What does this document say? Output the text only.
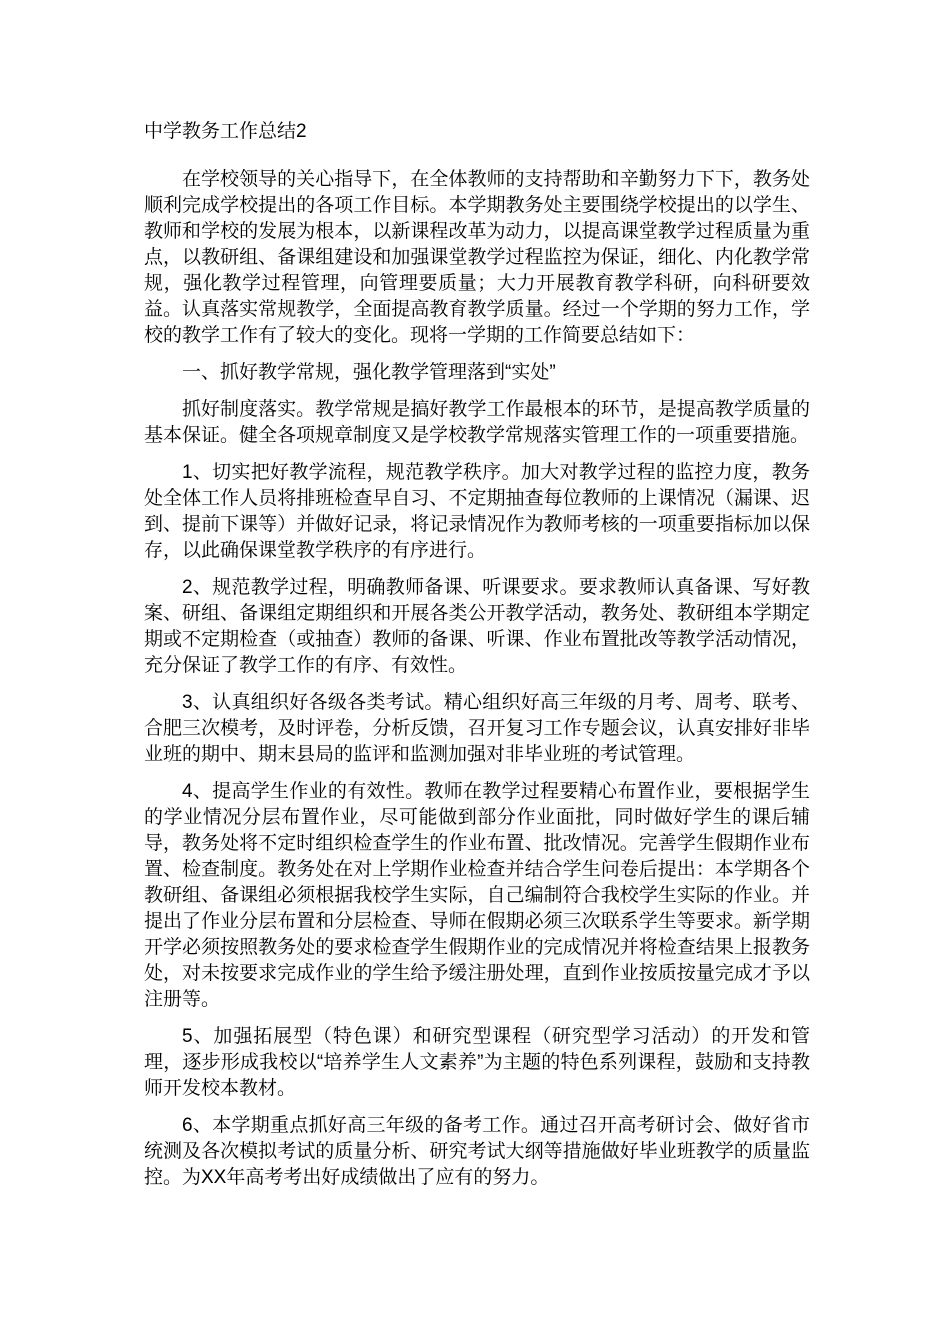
中学教务工作总结2

在学校领导的关心指导下，在全体教师的支持帮助和辛勤努力下下，教务处顺利完成学校提出的各项工作目标。本学期教务处主要围绕学校提出的以学生、教师和学校的发展为根本，以新课程改革为动力，以提高课堂教学过程质量为重点，以教研组、备课组建设和加强课堂教学过程监控为保证，细化、内化教学常规，强化教学过程管理，向管理要质量；大力开展教育教学科研，向科研要效益。认真落实常规教学，全面提高教育教学质量。经过一个学期的努力工作，学校的教学工作有了较大的变化。现将一学期的工作简要总结如下：

一、抓好教学常规，强化教学管理落到“实处”

抓好制度落实。教学常规是搞好教学工作最根本的环节，是提高教学质量的基本保证。健全各项规章制度又是学校教学常规落实管理工作的一项重要措施。

1、切实把好教学流程，规范教学秩序。加大对教学过程的监控力度，教务处全体工作人员将排班检查早自习、不定期抽查每位教师的上课情况（漏课、迟到、提前下课等）并做好记录，将记录情况作为教师考核的一项重要指标加以保存，以此确保课堂教学秩序的有序进行。

2、规范教学过程，明确教师备课、听课要求。要求教师认真备课、写好教案、研组、备课组定期组织和开展各类公开教学活动，教务处、教研组本学期定期或不定期检查（或抽查）教师的备课、听课、作业布置批改等教学活动情况，充分保证了教学工作的有序、有效性。

3、认真组织好各级各类考试。精心组织好高三年级的月考、周考、联考、合肥三次模考，及时评卷，分析反馈，召开复习工作专题会议，认真安排好非毕业班的期中、期末县局的监评和监测加强对非毕业班的考试管理。

4、提高学生作业的有效性。教师在教学过程要精心布置作业，要根据学生的学业情况分层布置作业，尽可能做到部分作业面批，同时做好学生的课后辅导，教务处将不定时组织检查学生的作业布置、批改情况。完善学生假期作业布置、检查制度。教务处在对上学期作业检查并结合学生问卷后提出：本学期各个教研组、备课组必须根据我校学生实际，自己编制符合我校学生实际的作业。并提出了作业分层布置和分层检查、导师在假期必须三次联系学生等要求。新学期开学必须按照教务处的要求检查学生假期作业的完成情况并将检查结果上报教务处，对未按要求完成作业的学生给予缓注册处理，直到作业按质按量完成才予以注册等。

5、加强拓展型（特色课）和研究型课程（研究型学习活动）的开发和管理，逐步形成我校以“培养学生人文素养”为主题的特色系列课程，鼓励和支持教师开发校本教材。

6、本学期重点抓好高三年级的备考工作。通过召开高考研讨会、做好省市统测及各次模拟考试的质量分析、研究考试大纲等措施做好毕业班教学的质量监控。为XX年高考考出好成绩做出了应有的努力。
